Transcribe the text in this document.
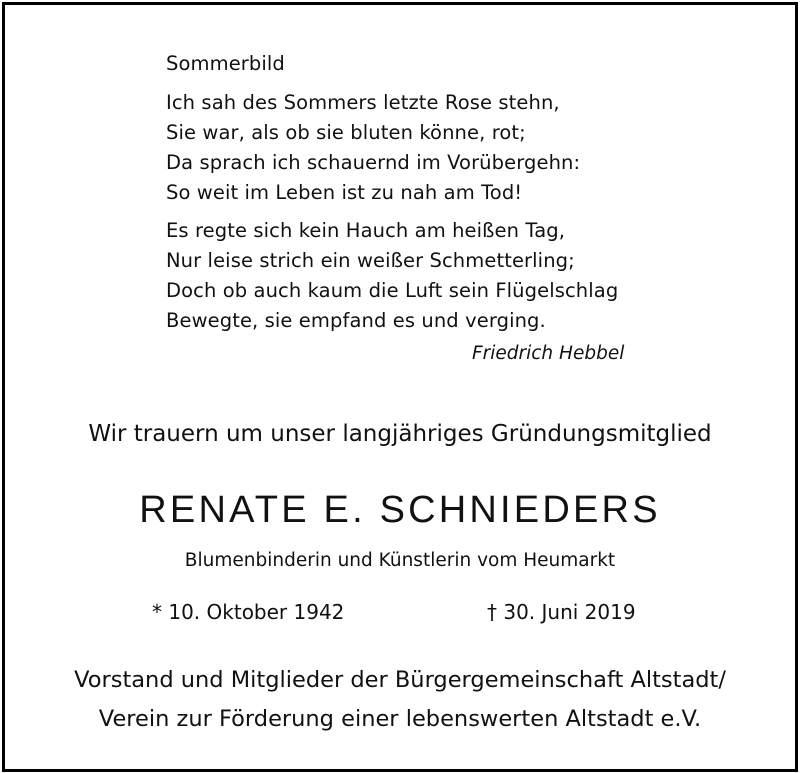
Sommerbild
Ich sah des Sommers letzte Rose stehn,
Sie war, als ob sie bluten könne, rot;
Da sprach ich schauernd im Vorübergehn:
So weit im Leben ist zu nah am Tod!
Es regte sich kein Hauch am heißen Tag,
Nur leise strich ein weißer Schmetterling;
Doch ob auch kaum die Luft sein Flügelschlag
Bewegte, sie empfand es und verging.
Friedrich Hebbel
Wir trauern um unser langjähriges Gründungsmitglied
RENATE E. SCHNIEDERS
Blumenbinderin und Künstlerin vom Heumarkt
* 10. Oktober 1942	† 30. Juni 2019
Vorstand und Mitglieder der Bürgergemeinschaft Altstadt/
Verein zur Förderung einer lebenswerten Altstadt e.V.
